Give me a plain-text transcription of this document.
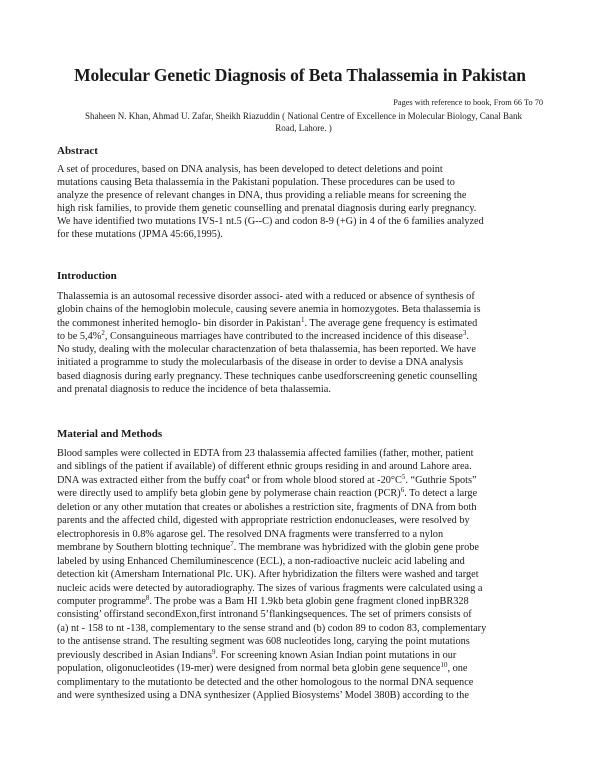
Molecular Genetic Diagnosis of Beta Thalassemia in Pakistan
Pages with reference to book, From 66 To 70
Shaheen N. Khan, Ahmad U. Zafar, Sheikh Riazuddin ( National Centre of Excellence in Molecular Biology, Canal Bank
Road, Lahore. )
Abstract
A set of procedures, based on DNA analysis, has been developed to detect deletions and point
mutations causing Beta thalassemia in the Pakistani population. These procedures can be used to
analyze the presence of relevant changes in DNA, thus providing a reliable means for screening the
high risk families, to provide them genetic counselling and prenatal diagnosis during early pregnancy.
We have identified two mutations IVS-1 nt.5 (G--C) and codon 8-9 (+G) in 4 of the 6 families analyzed
for these mutations (JPMA 45:66,1995).
Introduction
Thalassemia is an autosomal recessive disorder associ- ated with a reduced or absence of synthesis of
globin chains of the hemoglobin molecule, causing severe anemia in homozygotes. Beta thalassemia is
the commonest inherited hemoglo- bin disorder in Pakistan$^1$. The average gene frequency is estimated
to be 5,4%$^2$, Consanguineous marriages have contributed to the increased incidence of this disease$^3$.
No study, dealing with the molecular charactenzation of beta thalassemia, has been reported. We have
initiated a programme to study the molecularbasis of the disease in order to devise a DNA analysis
based diagnosis during early pregnancy. These techniques canbe usedforscreening genetic counselling
and prenatal diagnosis to reduce the incidence of beta thalassemia.
Material and Methods
Blood samples were collected in EDTA from 23 thalassemia affected families (father, mother, patient
and siblings of the patient if available) of different ethnic groups residing in and around Lahore area.
DNA was extracted either from the buffy coat$^4$ or from whole blood stored at $-20^\circ C^5$. “Guthrie Spots”
were directly used to amplify beta globin gene by polymerase chain reaction (PCR)$^6$. To detect a large
deletion or any other mutation that creates or abolishes a restriction site, fragments of DNA from both
parents and the affected child, digested with appropriate restriction endonucleases, were resolved by
electrophoresis in 0.8% agarose gel. The resolved DNA fragments were transferred to a nylon
membrane by Southern blotting technique$^7$. The membrane was hybridized with the globin gene probe
labeled by using Enhanced Chemiluminescence (ECL), a non-radioactive nucleic acid labeling and
detection kit (Amersham International Plc. UK). After hybridization the filters were washed and target
nucleic acids were detected by autoradiography. The sizes of various fragments were calculated using a
computer programme$^8$. The probe was a Bam HI 1.9kb beta globin gene fragment cloned inpBR328
consisting’ offirstand secondExon,first intronand 5’flankingsequences. The set of primers consists of
(a) nt - 158 to nt -138, complementary to the sense strand and (b) codon 89 to codon 83, complementary
to the antisense strand. The resulting segment was 608 nucleotides long, carying the point mutations
previously described in Asian Indians$^9$. For screening known Asian Indian point mutations in our
population, oligonucleotides (19-mer) were designed from normal beta globin gene sequence$^{10}$, one
complimentary to the mutationto be detected and the other homologous to the normal DNA sequence
and were synthesized using a DNA synthesizer (Applied Biosystems’ Model 380B) according to the
